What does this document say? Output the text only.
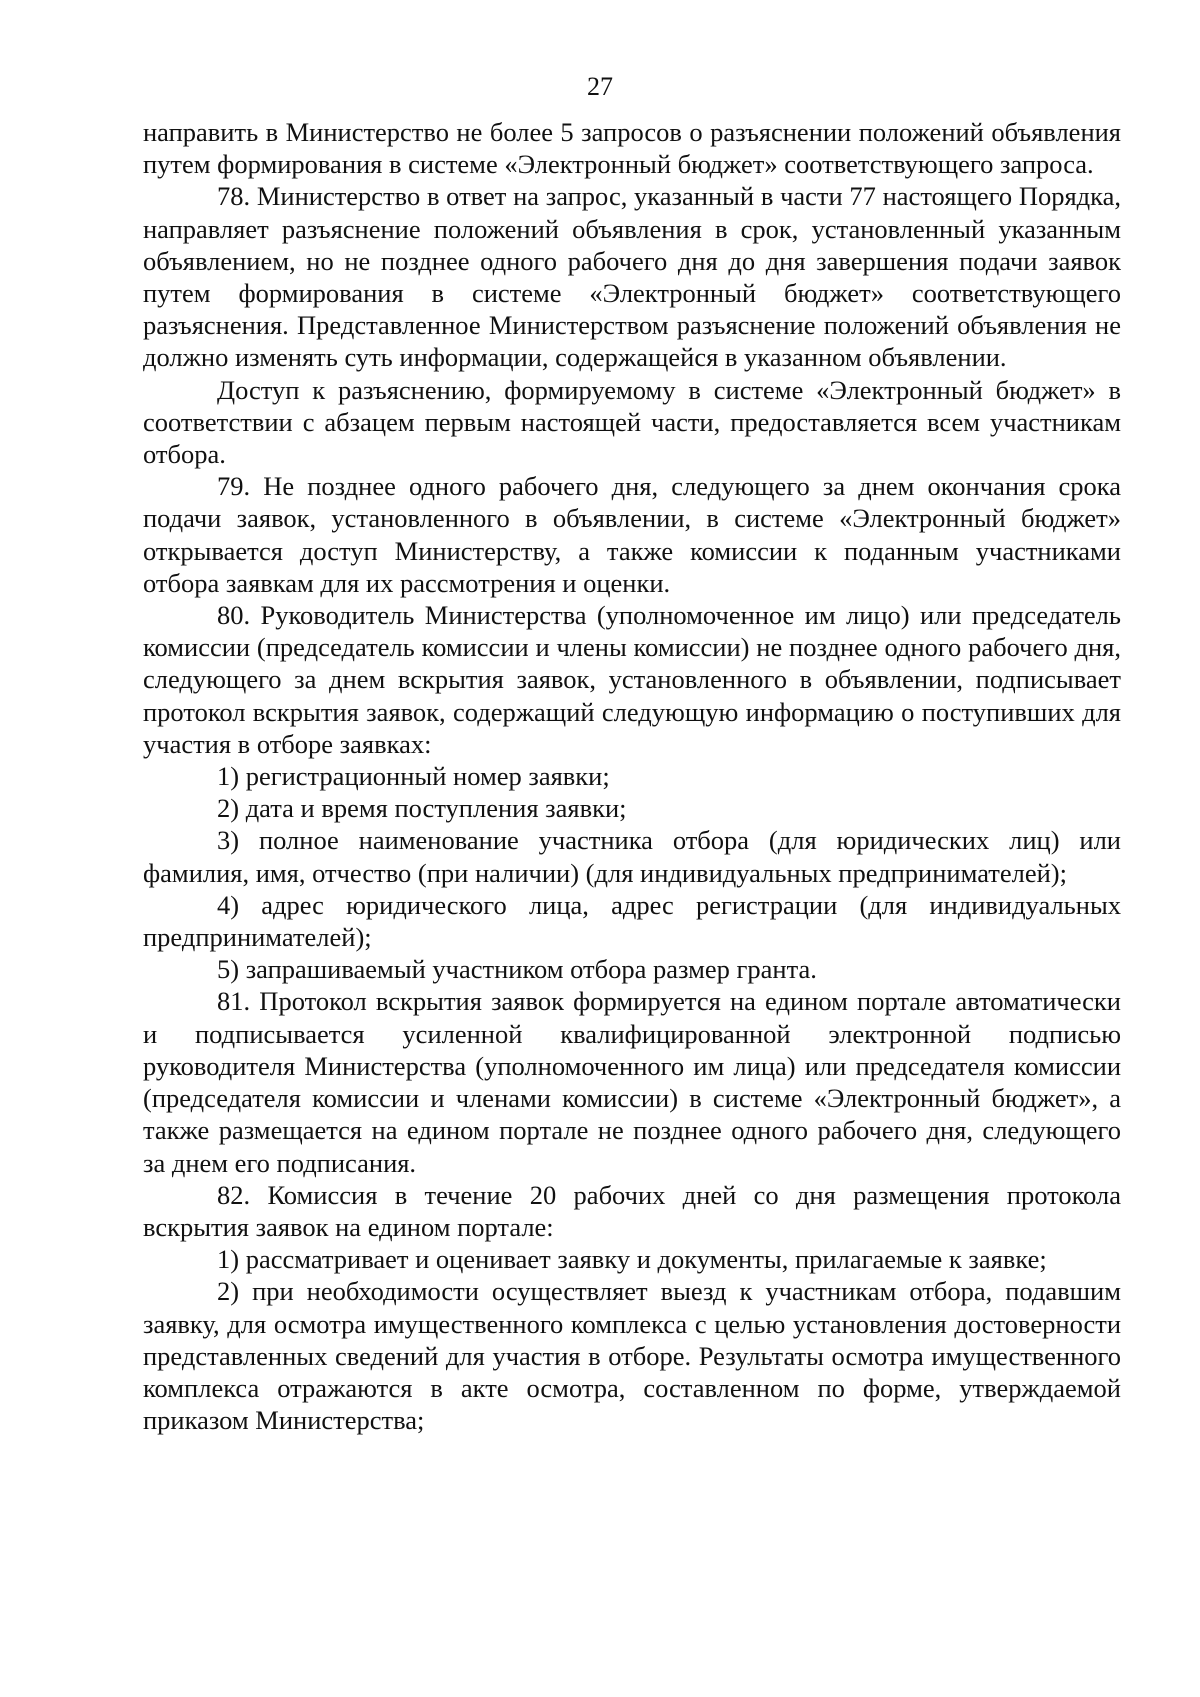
27

направить в Министерство не более 5 запросов о разъяснении положений объявления путем формирования в системе «Электронный бюджет» соответствующего запроса.

78. Министерство в ответ на запрос, указанный в части 77 настоящего Порядка, направляет разъяснение положений объявления в срок, установленный указанным объявлением, но не позднее одного рабочего дня до дня завершения подачи заявок путем формирования в системе «Электронный бюджет» соответствующего разъяснения. Представленное Министерством разъяснение положений объявления не должно изменять суть информации, содержащейся в указанном объявлении.

Доступ к разъяснению, формируемому в системе «Электронный бюджет» в соответствии с абзацем первым настоящей части, предоставляется всем участникам отбора.

79. Не позднее одного рабочего дня, следующего за днем окончания срока подачи заявок, установленного в объявлении, в системе «Электронный бюджет» открывается доступ Министерству, а также комиссии к поданным участниками отбора заявкам для их рассмотрения и оценки.

80. Руководитель Министерства (уполномоченное им лицо) или председатель комиссии (председатель комиссии и члены комиссии) не позднее одного рабочего дня, следующего за днем вскрытия заявок, установленного в объявлении, подписывает протокол вскрытия заявок, содержащий следующую информацию о поступивших для участия в отборе заявках:

1) регистрационный номер заявки;

2) дата и время поступления заявки;

3) полное наименование участника отбора (для юридических лиц) или фамилия, имя, отчество (при наличии) (для индивидуальных предпринимателей);

4) адрес юридического лица, адрес регистрации (для индивидуальных предпринимателей);

5) запрашиваемый участником отбора размер гранта.

81. Протокол вскрытия заявок формируется на едином портале автоматически и подписывается усиленной квалифицированной электронной подписью руководителя Министерства (уполномоченного им лица) или председателя комиссии (председателя комиссии и членами комиссии) в системе «Электронный бюджет», а также размещается на едином портале не позднее одного рабочего дня, следующего за днем его подписания.

82. Комиссия в течение 20 рабочих дней со дня размещения протокола вскрытия заявок на едином портале:

1) рассматривает и оценивает заявку и документы, прилагаемые к заявке;

2) при необходимости осуществляет выезд к участникам отбора, подавшим заявку, для осмотра имущественного комплекса с целью установления достоверности представленных сведений для участия в отборе. Результаты осмотра имущественного комплекса отражаются в акте осмотра, составленном по форме, утверждаемой приказом Министерства;
